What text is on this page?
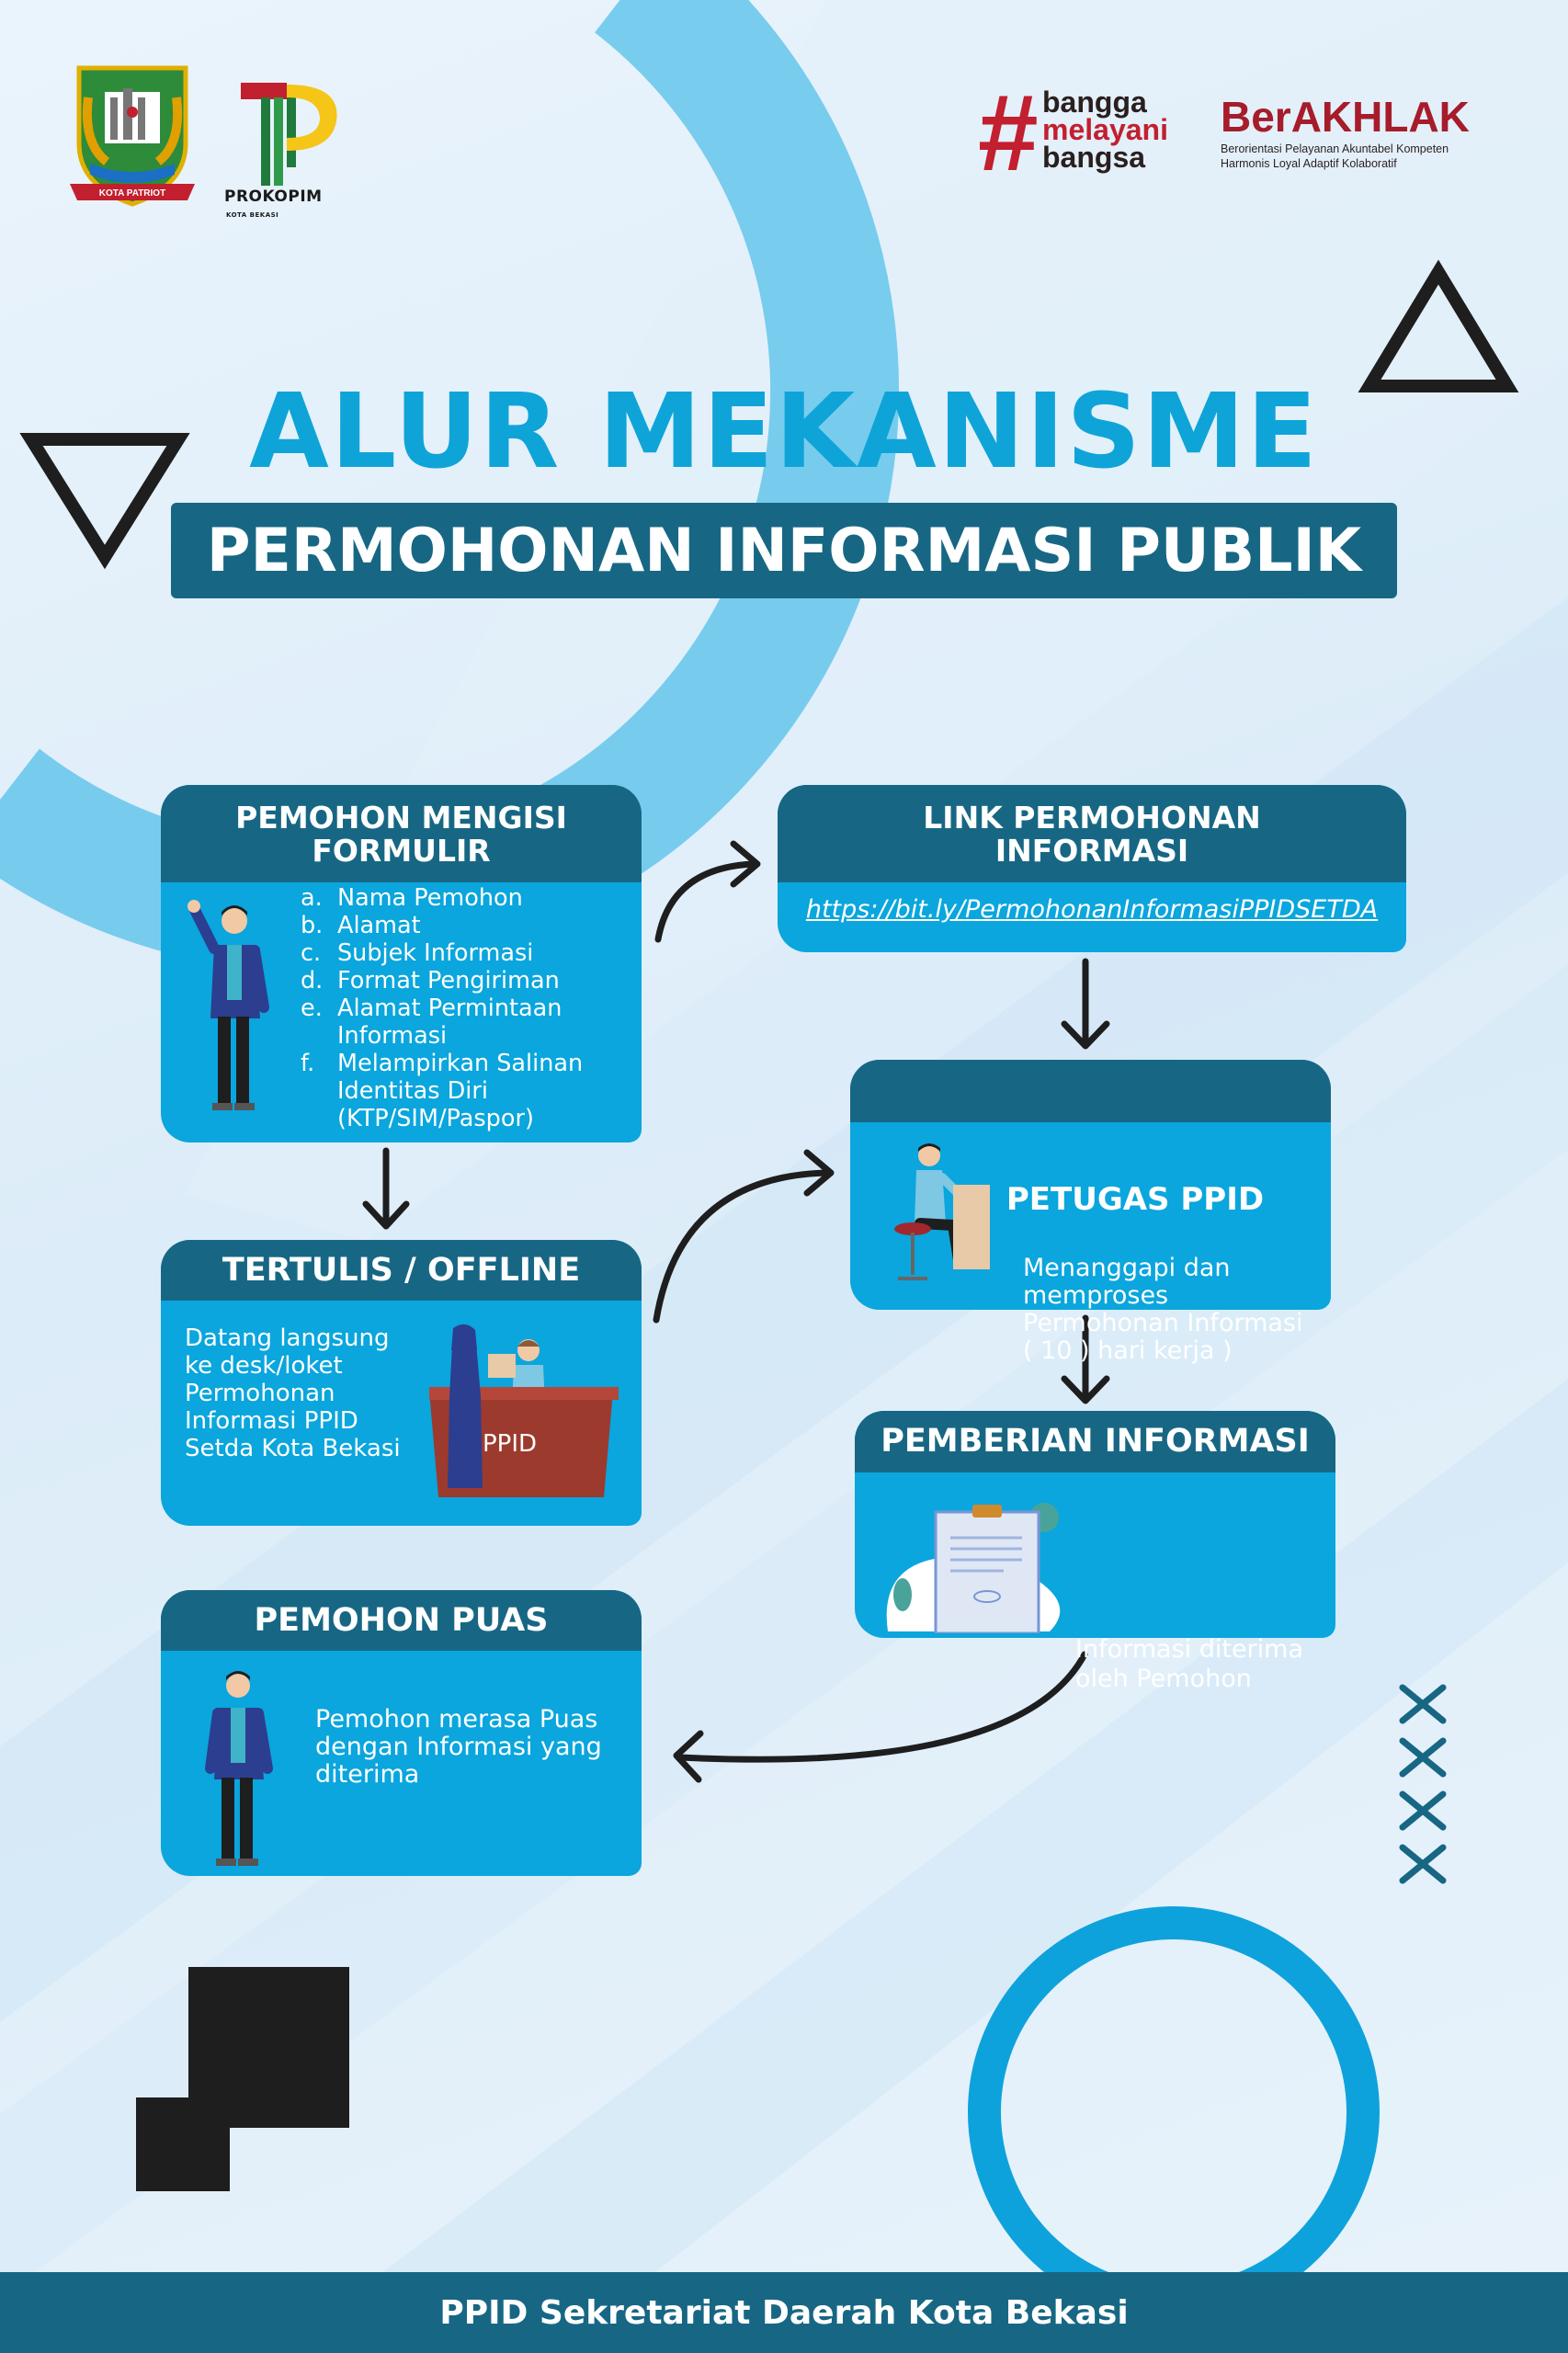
KOTA PATRIOT	PROKOPIMKOTA BEKASI
# bangga
melayani
bangsa
BerAKHLAK
Berorientasi Pelayanan Akuntabel Kompeten
Harmonis Loyal Adaptif Kolaboratif
ALUR MEKANISME
PERMOHONAN INFORMASI PUBLIK
PEMOHON MENGISI
FORMULIR
a. Nama Pemohon
b. Alamat
c. Subjek Informasi
d. Format Pengiriman
e. Alamat Permintaan Informasi
f. Melampirkan Salinan Identitas Diri (KTP/SIM/Paspor)
LINK PERMOHONAN
INFORMASI
https://bit.ly/PermohonanInformasiPPIDSETDA
PETUGAS PPID
Menanggapi dan memproses Permohonan Informasi ( 10 ) hari kerja )
TERTULIS / OFFLINE
Datang langsung ke desk/loket Permohonan Informasi PPID Setda Kota Bekasi	PPID	PEMBERIAN INFORMASI
Informasi diterima oleh Pemohon
PEMOHON PUAS
Pemohon merasa Puas dengan Informasi yang diterima
PPID Sekretariat Daerah Kota Bekasi
